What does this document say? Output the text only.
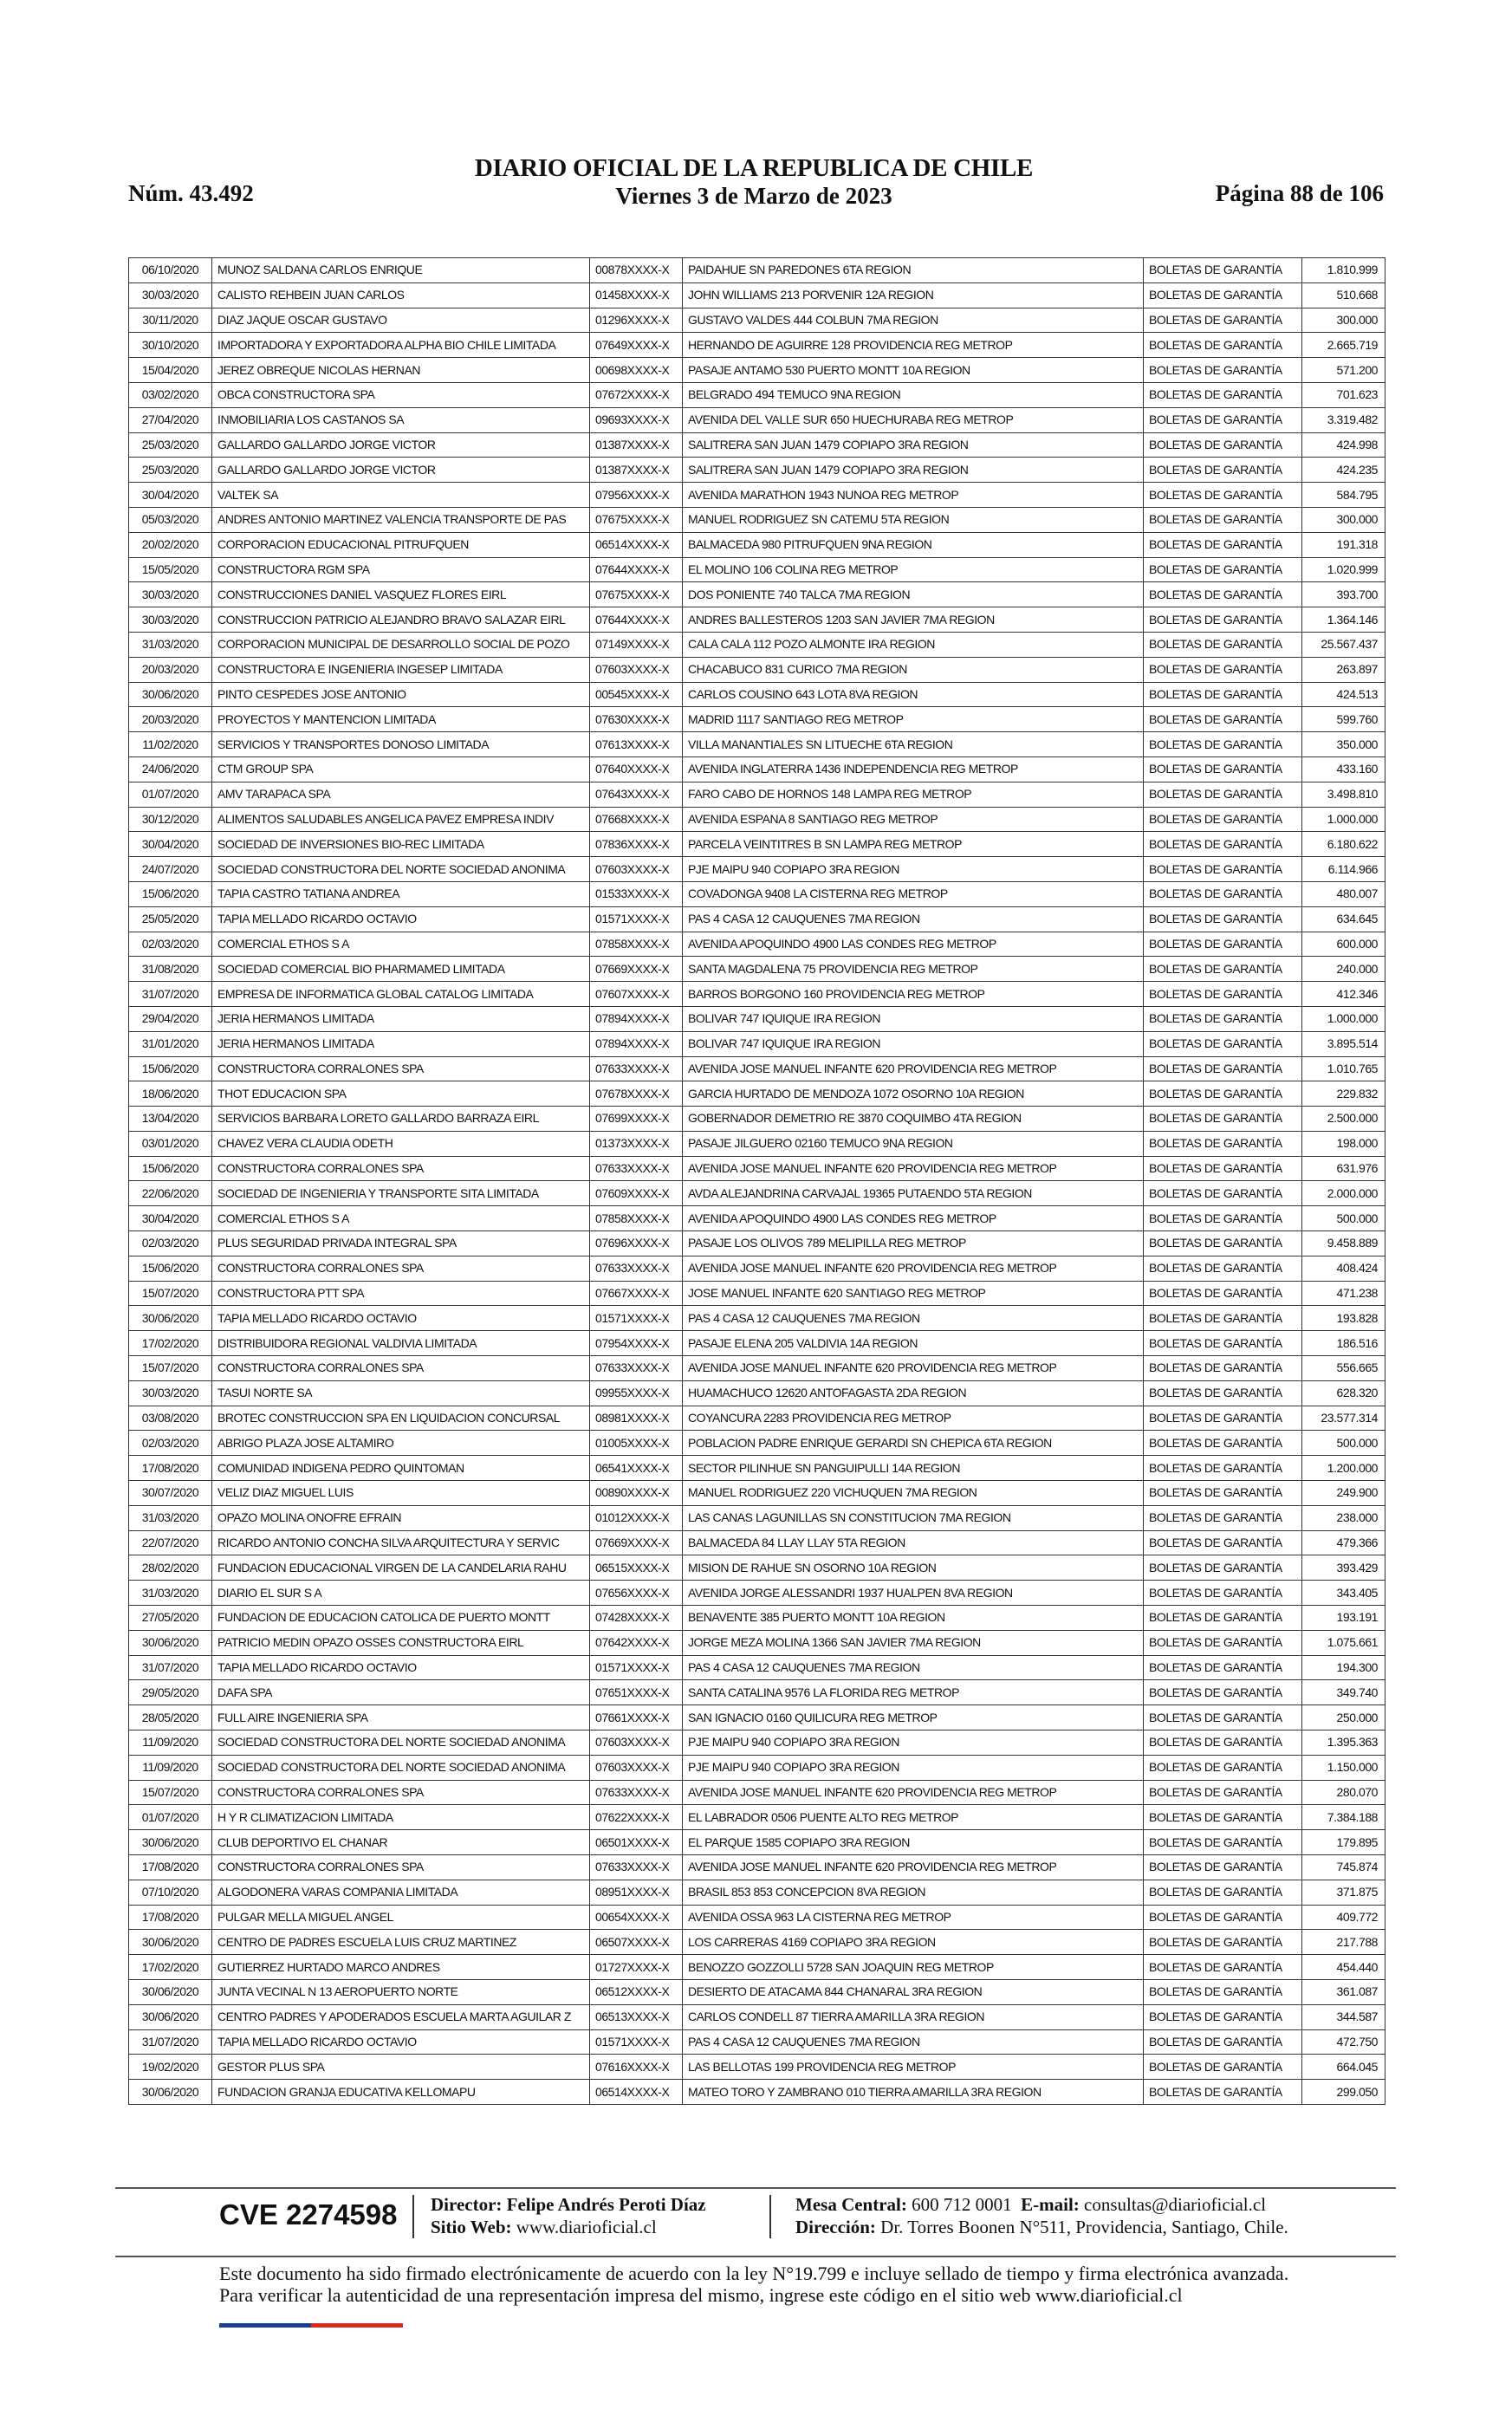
Núm. 43.492
DIARIO OFICIAL DE LA REPUBLICA DE CHILE
Viernes 3 de Marzo de 2023	Página 88 de 106
06/10/2020	MUNOZ SALDANA CARLOS ENRIQUE	00878XXXX-X	PAIDAHUE SN PAREDONES 6TA REGION	BOLETAS DE GARANTÍA	1.810.999
30/03/2020	CALISTO REHBEIN JUAN CARLOS	01458XXXX-X	JOHN WILLIAMS 213 PORVENIR 12A REGION	BOLETAS DE GARANTÍA	510.668
30/11/2020	DIAZ JAQUE OSCAR GUSTAVO	01296XXXX-X	GUSTAVO VALDES 444 COLBUN 7MA REGION	BOLETAS DE GARANTÍA	300.000
30/10/2020	IMPORTADORA Y EXPORTADORA ALPHA BIO CHILE LIMITADA	07649XXXX-X	HERNANDO DE AGUIRRE 128 PROVIDENCIA REG METROP	BOLETAS DE GARANTÍA	2.665.719
15/04/2020	JEREZ OBREQUE NICOLAS HERNAN	00698XXXX-X	PASAJE ANTAMO 530 PUERTO MONTT 10A REGION	BOLETAS DE GARANTÍA	571.200
03/02/2020	OBCA CONSTRUCTORA SPA	07672XXXX-X	BELGRADO 494 TEMUCO 9NA REGION	BOLETAS DE GARANTÍA	701.623
27/04/2020	INMOBILIARIA LOS CASTANOS SA	09693XXXX-X	AVENIDA DEL VALLE SUR 650 HUECHURABA REG METROP	BOLETAS DE GARANTÍA	3.319.482
25/03/2020	GALLARDO GALLARDO JORGE VICTOR	01387XXXX-X	SALITRERA SAN JUAN 1479 COPIAPO 3RA REGION	BOLETAS DE GARANTÍA	424.998
25/03/2020	GALLARDO GALLARDO JORGE VICTOR	01387XXXX-X	SALITRERA SAN JUAN 1479 COPIAPO 3RA REGION	BOLETAS DE GARANTÍA	424.235
30/04/2020	VALTEK SA	07956XXXX-X	AVENIDA MARATHON 1943 NUNOA REG METROP	BOLETAS DE GARANTÍA	584.795
05/03/2020	ANDRES ANTONIO MARTINEZ VALENCIA TRANSPORTE DE PAS	07675XXXX-X	MANUEL RODRIGUEZ SN CATEMU 5TA REGION	BOLETAS DE GARANTÍA	300.000
20/02/2020	CORPORACION EDUCACIONAL PITRUFQUEN	06514XXXX-X	BALMACEDA 980 PITRUFQUEN 9NA REGION	BOLETAS DE GARANTÍA	191.318
15/05/2020	CONSTRUCTORA RGM SPA	07644XXXX-X	EL MOLINO 106 COLINA REG METROP	BOLETAS DE GARANTÍA	1.020.999
30/03/2020	CONSTRUCCIONES DANIEL VASQUEZ FLORES EIRL	07675XXXX-X	DOS PONIENTE 740 TALCA 7MA REGION	BOLETAS DE GARANTÍA	393.700
30/03/2020	CONSTRUCCION PATRICIO ALEJANDRO BRAVO SALAZAR EIRL	07644XXXX-X	ANDRES BALLESTEROS 1203 SAN JAVIER 7MA REGION	BOLETAS DE GARANTÍA	1.364.146
31/03/2020	CORPORACION MUNICIPAL DE DESARROLLO SOCIAL DE POZO	07149XXXX-X	CALA CALA 112 POZO ALMONTE IRA REGION	BOLETAS DE GARANTÍA	25.567.437
20/03/2020	CONSTRUCTORA E INGENIERIA INGESEP LIMITADA	07603XXXX-X	CHACABUCO 831 CURICO 7MA REGION	BOLETAS DE GARANTÍA	263.897
30/06/2020	PINTO CESPEDES JOSE ANTONIO	00545XXXX-X	CARLOS COUSINO 643 LOTA 8VA REGION	BOLETAS DE GARANTÍA	424.513
20/03/2020	PROYECTOS Y MANTENCION LIMITADA	07630XXXX-X	MADRID 1117 SANTIAGO REG METROP	BOLETAS DE GARANTÍA	599.760
11/02/2020	SERVICIOS Y TRANSPORTES DONOSO LIMITADA	07613XXXX-X	VILLA MANANTIALES SN LITUECHE 6TA REGION	BOLETAS DE GARANTÍA	350.000
24/06/2020	CTM GROUP SPA	07640XXXX-X	AVENIDA INGLATERRA 1436 INDEPENDENCIA REG METROP	BOLETAS DE GARANTÍA	433.160
01/07/2020	AMV TARAPACA SPA	07643XXXX-X	FARO CABO DE HORNOS 148 LAMPA REG METROP	BOLETAS DE GARANTÍA	3.498.810
30/12/2020	ALIMENTOS SALUDABLES ANGELICA PAVEZ EMPRESA INDIV	07668XXXX-X	AVENIDA ESPANA 8 SANTIAGO REG METROP	BOLETAS DE GARANTÍA	1.000.000
30/04/2020	SOCIEDAD DE INVERSIONES BIO-REC LIMITADA	07836XXXX-X	PARCELA VEINTITRES B SN LAMPA REG METROP	BOLETAS DE GARANTÍA	6.180.622
24/07/2020	SOCIEDAD CONSTRUCTORA DEL NORTE SOCIEDAD ANONIMA	07603XXXX-X	PJE MAIPU 940 COPIAPO 3RA REGION	BOLETAS DE GARANTÍA	6.114.966
15/06/2020	TAPIA CASTRO TATIANA ANDREA	01533XXXX-X	COVADONGA 9408 LA CISTERNA REG METROP	BOLETAS DE GARANTÍA	480.007
25/05/2020	TAPIA MELLADO RICARDO OCTAVIO	01571XXXX-X	PAS 4 CASA 12 CAUQUENES 7MA REGION	BOLETAS DE GARANTÍA	634.645
02/03/2020	COMERCIAL ETHOS S A	07858XXXX-X	AVENIDA APOQUINDO 4900 LAS CONDES REG METROP	BOLETAS DE GARANTÍA	600.000
31/08/2020	SOCIEDAD COMERCIAL BIO PHARMAMED LIMITADA	07669XXXX-X	SANTA MAGDALENA 75 PROVIDENCIA REG METROP	BOLETAS DE GARANTÍA	240.000
31/07/2020	EMPRESA DE INFORMATICA GLOBAL CATALOG LIMITADA	07607XXXX-X	BARROS BORGONO 160 PROVIDENCIA REG METROP	BOLETAS DE GARANTÍA	412.346
29/04/2020	JERIA HERMANOS LIMITADA	07894XXXX-X	BOLIVAR 747 IQUIQUE IRA REGION	BOLETAS DE GARANTÍA	1.000.000
31/01/2020	JERIA HERMANOS LIMITADA	07894XXXX-X	BOLIVAR 747 IQUIQUE IRA REGION	BOLETAS DE GARANTÍA	3.895.514
15/06/2020	CONSTRUCTORA CORRALONES SPA	07633XXXX-X	AVENIDA JOSE MANUEL INFANTE 620 PROVIDENCIA REG METROP	BOLETAS DE GARANTÍA	1.010.765
18/06/2020	THOT EDUCACION SPA	07678XXXX-X	GARCIA HURTADO DE MENDOZA 1072 OSORNO 10A REGION	BOLETAS DE GARANTÍA	229.832
13/04/2020	SERVICIOS BARBARA LORETO GALLARDO BARRAZA EIRL	07699XXXX-X	GOBERNADOR DEMETRIO RE 3870 COQUIMBO 4TA REGION	BOLETAS DE GARANTÍA	2.500.000
03/01/2020	CHAVEZ VERA CLAUDIA ODETH	01373XXXX-X	PASAJE JILGUERO 02160 TEMUCO 9NA REGION	BOLETAS DE GARANTÍA	198.000
15/06/2020	CONSTRUCTORA CORRALONES SPA	07633XXXX-X	AVENIDA JOSE MANUEL INFANTE 620 PROVIDENCIA REG METROP	BOLETAS DE GARANTÍA	631.976
22/06/2020	SOCIEDAD DE INGENIERIA Y TRANSPORTE SITA LIMITADA	07609XXXX-X	AVDA ALEJANDRINA CARVAJAL 19365 PUTAENDO 5TA REGION	BOLETAS DE GARANTÍA	2.000.000
30/04/2020	COMERCIAL ETHOS S A	07858XXXX-X	AVENIDA APOQUINDO 4900 LAS CONDES REG METROP	BOLETAS DE GARANTÍA	500.000
02/03/2020	PLUS SEGURIDAD PRIVADA INTEGRAL SPA	07696XXXX-X	PASAJE LOS OLIVOS 789 MELIPILLA REG METROP	BOLETAS DE GARANTÍA	9.458.889
15/06/2020	CONSTRUCTORA CORRALONES SPA	07633XXXX-X	AVENIDA JOSE MANUEL INFANTE 620 PROVIDENCIA REG METROP	BOLETAS DE GARANTÍA	408.424
15/07/2020	CONSTRUCTORA PTT SPA	07667XXXX-X	JOSE MANUEL INFANTE 620 SANTIAGO REG METROP	BOLETAS DE GARANTÍA	471.238
30/06/2020	TAPIA MELLADO RICARDO OCTAVIO	01571XXXX-X	PAS 4 CASA 12 CAUQUENES 7MA REGION	BOLETAS DE GARANTÍA	193.828
17/02/2020	DISTRIBUIDORA REGIONAL VALDIVIA LIMITADA	07954XXXX-X	PASAJE ELENA 205 VALDIVIA 14A REGION	BOLETAS DE GARANTÍA	186.516
15/07/2020	CONSTRUCTORA CORRALONES SPA	07633XXXX-X	AVENIDA JOSE MANUEL INFANTE 620 PROVIDENCIA REG METROP	BOLETAS DE GARANTÍA	556.665
30/03/2020	TASUI NORTE SA	09955XXXX-X	HUAMACHUCO 12620 ANTOFAGASTA 2DA REGION	BOLETAS DE GARANTÍA	628.320
03/08/2020	BROTEC CONSTRUCCION SPA EN LIQUIDACION CONCURSAL	08981XXXX-X	COYANCURA 2283 PROVIDENCIA REG METROP	BOLETAS DE GARANTÍA	23.577.314
02/03/2020	ABRIGO PLAZA JOSE ALTAMIRO	01005XXXX-X	POBLACION PADRE ENRIQUE GERARDI SN CHEPICA 6TA REGION	BOLETAS DE GARANTÍA	500.000
17/08/2020	COMUNIDAD INDIGENA PEDRO QUINTOMAN	06541XXXX-X	SECTOR PILINHUE SN PANGUIPULLI 14A REGION	BOLETAS DE GARANTÍA	1.200.000
30/07/2020	VELIZ DIAZ MIGUEL LUIS	00890XXXX-X	MANUEL RODRIGUEZ 220 VICHUQUEN 7MA REGION	BOLETAS DE GARANTÍA	249.900
31/03/2020	OPAZO MOLINA ONOFRE EFRAIN	01012XXXX-X	LAS CANAS LAGUNILLAS SN CONSTITUCION 7MA REGION	BOLETAS DE GARANTÍA	238.000
22/07/2020	RICARDO ANTONIO CONCHA SILVA ARQUITECTURA Y SERVIC	07669XXXX-X	BALMACEDA 84 LLAY LLAY 5TA REGION	BOLETAS DE GARANTÍA	479.366
28/02/2020	FUNDACION EDUCACIONAL VIRGEN DE LA CANDELARIA RAHU	06515XXXX-X	MISION DE RAHUE SN OSORNO 10A REGION	BOLETAS DE GARANTÍA	393.429
31/03/2020	DIARIO EL SUR S A	07656XXXX-X	AVENIDA JORGE ALESSANDRI 1937 HUALPEN 8VA REGION	BOLETAS DE GARANTÍA	343.405
27/05/2020	FUNDACION DE EDUCACION CATOLICA DE PUERTO MONTT	07428XXXX-X	BENAVENTE 385 PUERTO MONTT 10A REGION	BOLETAS DE GARANTÍA	193.191
30/06/2020	PATRICIO MEDIN OPAZO OSSES CONSTRUCTORA EIRL	07642XXXX-X	JORGE MEZA MOLINA 1366 SAN JAVIER 7MA REGION	BOLETAS DE GARANTÍA	1.075.661
31/07/2020	TAPIA MELLADO RICARDO OCTAVIO	01571XXXX-X	PAS 4 CASA 12 CAUQUENES 7MA REGION	BOLETAS DE GARANTÍA	194.300
29/05/2020	DAFA SPA	07651XXXX-X	SANTA CATALINA 9576 LA FLORIDA REG METROP	BOLETAS DE GARANTÍA	349.740
28/05/2020	FULL AIRE INGENIERIA SPA	07661XXXX-X	SAN IGNACIO 0160 QUILICURA REG METROP	BOLETAS DE GARANTÍA	250.000
11/09/2020	SOCIEDAD CONSTRUCTORA DEL NORTE SOCIEDAD ANONIMA	07603XXXX-X	PJE MAIPU 940 COPIAPO 3RA REGION	BOLETAS DE GARANTÍA	1.395.363
11/09/2020	SOCIEDAD CONSTRUCTORA DEL NORTE SOCIEDAD ANONIMA	07603XXXX-X	PJE MAIPU 940 COPIAPO 3RA REGION	BOLETAS DE GARANTÍA	1.150.000
15/07/2020	CONSTRUCTORA CORRALONES SPA	07633XXXX-X	AVENIDA JOSE MANUEL INFANTE 620 PROVIDENCIA REG METROP	BOLETAS DE GARANTÍA	280.070
01/07/2020	H Y R CLIMATIZACION LIMITADA	07622XXXX-X	EL LABRADOR 0506 PUENTE ALTO REG METROP	BOLETAS DE GARANTÍA	7.384.188
30/06/2020	CLUB DEPORTIVO EL CHANAR	06501XXXX-X	EL PARQUE 1585 COPIAPO 3RA REGION	BOLETAS DE GARANTÍA	179.895
17/08/2020	CONSTRUCTORA CORRALONES SPA	07633XXXX-X	AVENIDA JOSE MANUEL INFANTE 620 PROVIDENCIA REG METROP	BOLETAS DE GARANTÍA	745.874
07/10/2020	ALGODONERA VARAS COMPANIA LIMITADA	08951XXXX-X	BRASIL 853 853 CONCEPCION 8VA REGION	BOLETAS DE GARANTÍA	371.875
17/08/2020	PULGAR MELLA MIGUEL ANGEL	00654XXXX-X	AVENIDA OSSA 963 LA CISTERNA REG METROP	BOLETAS DE GARANTÍA	409.772
30/06/2020	CENTRO DE PADRES ESCUELA LUIS CRUZ MARTINEZ	06507XXXX-X	LOS CARRERAS 4169 COPIAPO 3RA REGION	BOLETAS DE GARANTÍA	217.788
17/02/2020	GUTIERREZ HURTADO MARCO ANDRES	01727XXXX-X	BENOZZO GOZZOLLI 5728 SAN JOAQUIN REG METROP	BOLETAS DE GARANTÍA	454.440
30/06/2020	JUNTA VECINAL N 13 AEROPUERTO NORTE	06512XXXX-X	DESIERTO DE ATACAMA 844 CHANARAL 3RA REGION	BOLETAS DE GARANTÍA	361.087
30/06/2020	CENTRO PADRES Y APODERADOS ESCUELA MARTA AGUILAR Z	06513XXXX-X	CARLOS CONDELL 87 TIERRA AMARILLA 3RA REGION	BOLETAS DE GARANTÍA	344.587
31/07/2020	TAPIA MELLADO RICARDO OCTAVIO	01571XXXX-X	PAS 4 CASA 12 CAUQUENES 7MA REGION	BOLETAS DE GARANTÍA	472.750
19/02/2020	GESTOR PLUS SPA	07616XXXX-X	LAS BELLOTAS 199 PROVIDENCIA REG METROP	BOLETAS DE GARANTÍA	664.045
30/06/2020	FUNDACION GRANJA EDUCATIVA KELLOMAPU	06514XXXX-X	MATEO TORO Y ZAMBRANO 010 TIERRA AMARILLA 3RA REGION	BOLETAS DE GARANTÍA	299.050
CVE 2274598 Director: Felipe Andrés Peroti Díaz
Sitio Web: www.diarioficial.cl
Mesa Central: 600 712 0001 E-mail: consultas@diarioficial.cl
Dirección: Dr. Torres Boonen N°511, Providencia, Santiago, Chile.
Este documento ha sido firmado electrónicamente de acuerdo con la ley N°19.799 e incluye sellado de tiempo y firma electrónica avanzada. Para verificar la autenticidad de una representación impresa del mismo, ingrese este código en el sitio web www.diarioficial.cl
